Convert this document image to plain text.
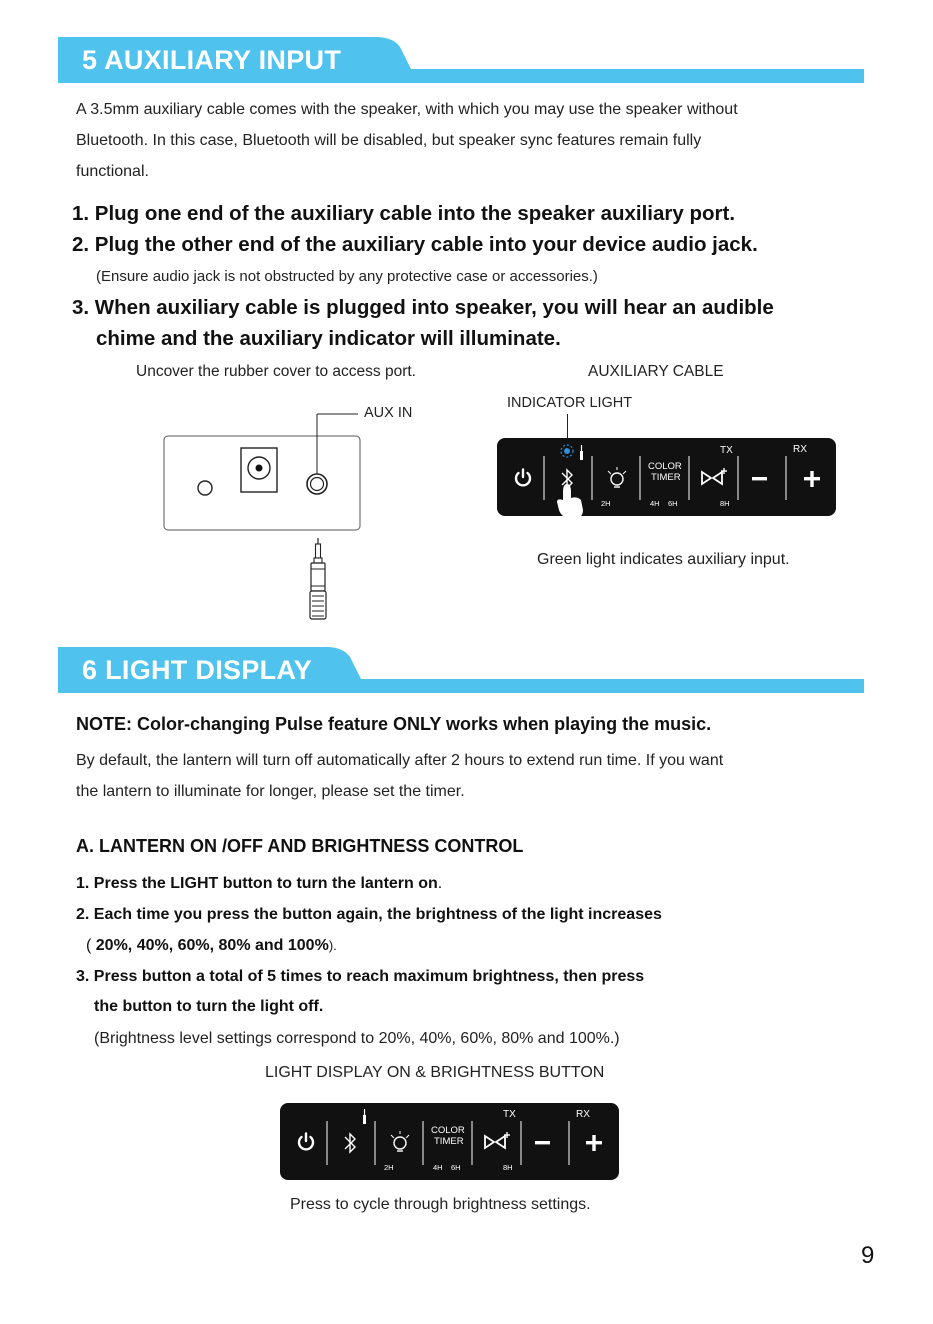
5 AUXILIARY INPUT
A 3.5mm auxiliary cable comes with the speaker, with which you may use the speaker without
Bluetooth. In this case, Bluetooth will be disabled, but speaker sync features remain fully
functional.
1. Plug one end of the auxiliary cable into the speaker auxiliary port.
2. Plug the other end of the auxiliary cable into your device audio jack.
(Ensure audio jack is not obstructed by any protective case or accessories.)
3. When auxiliary cable is plugged into speaker, you will hear an audible
chime and the auxiliary indicator will illuminate.
Uncover the rubber cover to access port.	AUXILIARY CABLE
AUX IN
INDICATOR LIGHT
COLOR
TIMER
TX	RX
2H	4H 6H	8H
Green light indicates auxiliary input.
6 LIGHT DISPLAY
NOTE: Color-changing Pulse feature ONLY works when playing the music.
By default, the lantern will turn off automatically after 2 hours to extend run time. If you want
the lantern to illuminate for longer, please set the timer.
A. LANTERN ON /OFF AND BRIGHTNESS CONTROL
1. Press the LIGHT button to turn the lantern on.
2. Each time you press the button again, the brightness of the light increases
( 20%, 40%, 60%, 80% and 100%).
3. Press button a total of 5 times to reach maximum brightness, then press
the button to turn the light off.
(Brightness level settings correspond to 20%, 40%, 60%, 80% and 100%.)
LIGHT DISPLAY ON & BRIGHTNESS BUTTON
COLOR
TIMER
TX	RX
2H	4H 6H	8H
Press to cycle through brightness settings.
9
